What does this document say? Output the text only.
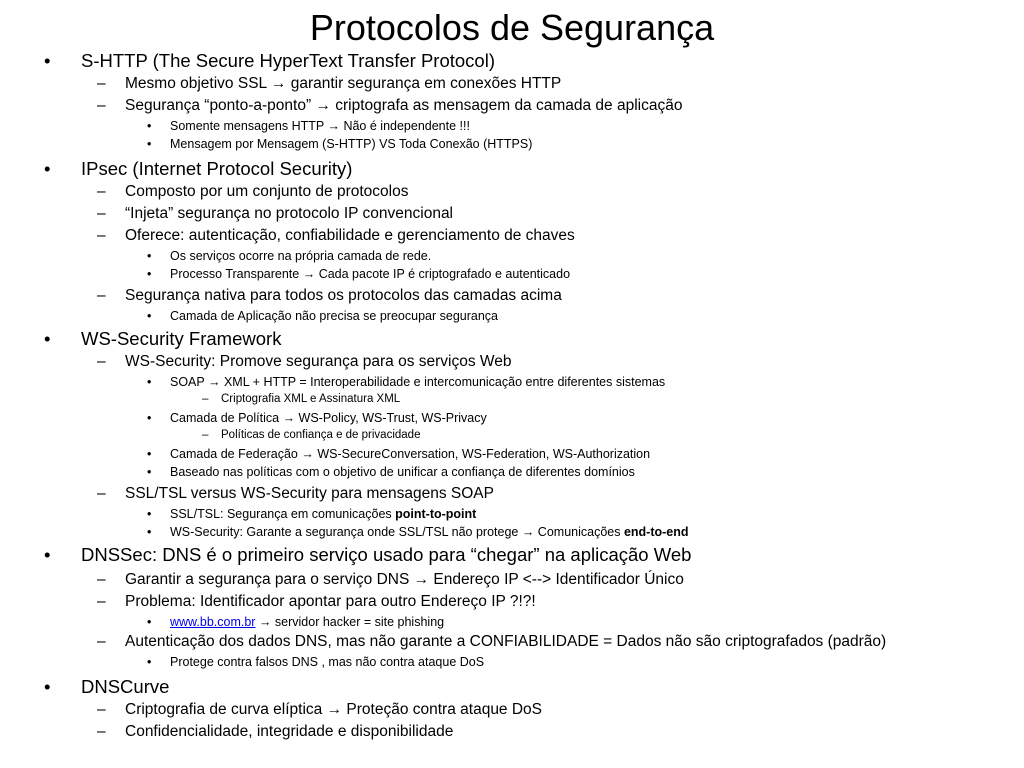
Protocolos de Segurança
• S-HTTP (The Secure HyperText Transfer Protocol)
– Mesmo objetivo SSL → garantir segurança em conexões HTTP
– Segurança “ponto-a-ponto” → criptografa as mensagem da camada de aplicação
• Somente mensagens HTTP → Não é independente !!!
• Mensagem por Mensagem (S-HTTP) VS Toda Conexão (HTTPS)
• IPsec (Internet Protocol Security)
– Composto por um conjunto de protocolos
– “Injeta” segurança no protocolo IP convencional
– Oferece: autenticação, confiabilidade e gerenciamento de chaves
• Os serviços ocorre na própria camada de rede.
• Processo Transparente → Cada pacote IP é criptografado e autenticado
– Segurança nativa para todos os protocolos das camadas acima
• Camada de Aplicação não precisa se preocupar segurança
• WS-Security Framework
– WS-Security: Promove segurança para os serviços Web
• SOAP → XML + HTTP = Interoperabilidade e intercomunicação entre diferentes sistemas
– Criptografia XML e Assinatura XML
• Camada de Política → WS-Policy, WS-Trust, WS-Privacy
– Políticas de confiança e de privacidade
• Camada de Federação → WS-SecureConversation, WS-Federation, WS-Authorization
• Baseado nas políticas com o objetivo de unificar a confiança de diferentes domínios
– SSL/TSL versus WS-Security para mensagens SOAP
• SSL/TSL: Segurança em comunicações point-to-point
• WS-Security: Garante a segurança onde SSL/TSL não protege → Comunicações end-to-end
• DNSSec: DNS é o primeiro serviço usado para “chegar” na aplicação Web
– Garantir a segurança para o serviço DNS → Endereço IP <--> Identificador Único
– Problema: Identificador apontar para outro Endereço IP ?!?!
• www.bb.com.br → servidor hacker = site phishing
– Autenticação dos dados DNS, mas não garante a CONFIABILIDADE = Dados não são criptografados (padrão)
• Protege contra falsos DNS , mas não contra ataque DoS
• DNSCurve
– Criptografia de curva elíptica → Proteção contra ataque DoS
– Confidencialidade, integridade e disponibilidade
